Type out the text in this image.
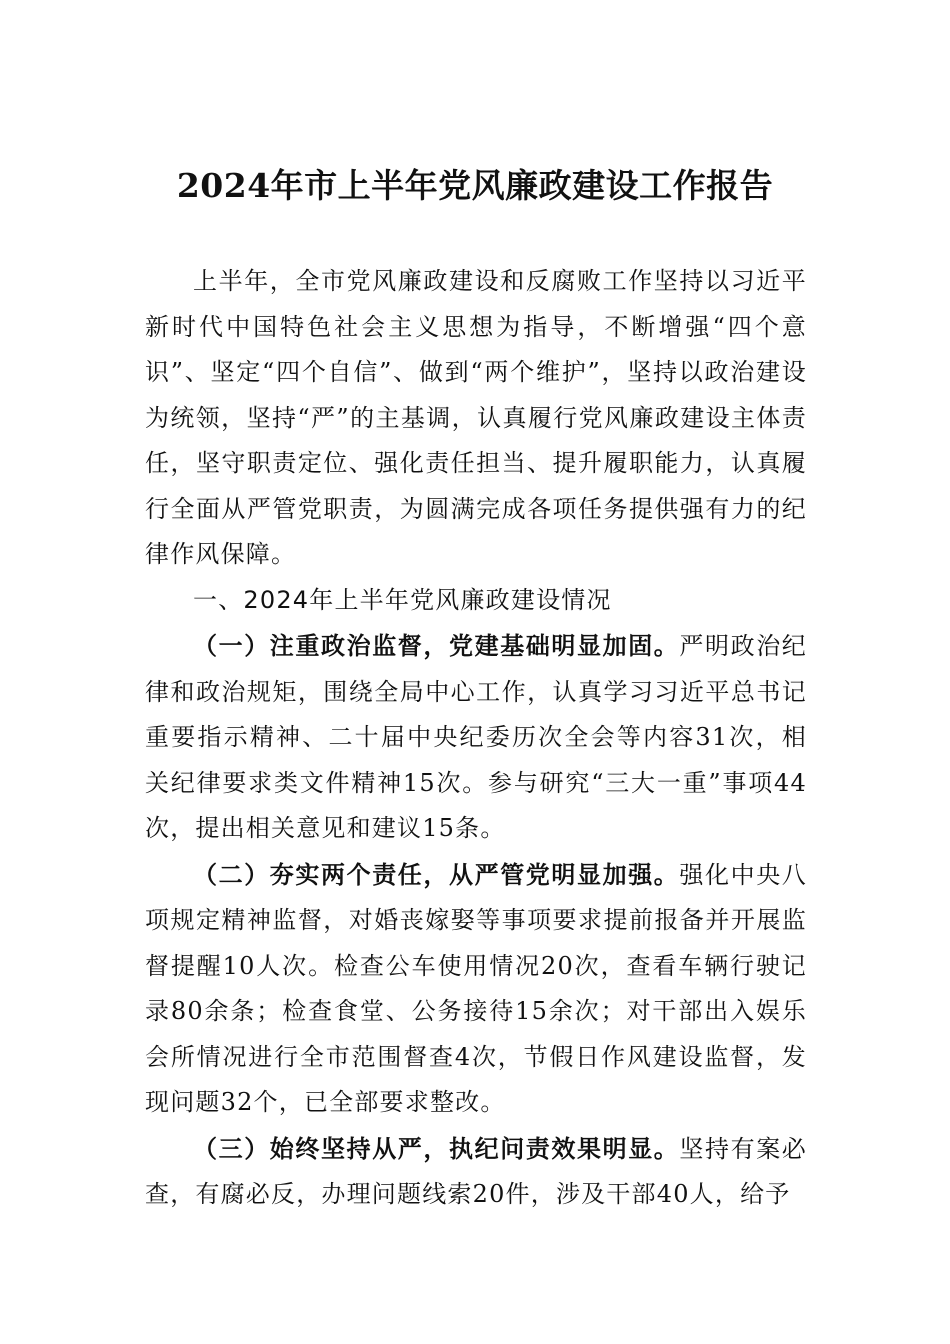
2024年市上半年党风廉政建设工作报告

上半年，全市党风廉政建设和反腐败工作坚持以习近平新时代中国特色社会主义思想为指导，不断增强“四个意识”、坚定“四个自信”、做到“两个维护”，坚持以政治建设为统领，坚持“严”的主基调，认真履行党风廉政建设主体责任，坚守职责定位、强化责任担当、提升履职能力，认真履行全面从严管党职责，为圆满完成各项任务提供强有力的纪律作风保障。

一、2024年上半年党风廉政建设情况

（一）注重政治监督，党建基础明显加固。严明政治纪律和政治规矩，围绕全局中心工作，认真学习习近平总书记重要指示精神、二十届中央纪委历次全会等内容31次，相关纪律要求类文件精神15次。参与研究“三大一重”事项44次，提出相关意见和建议15条。

（二）夯实两个责任，从严管党明显加强。强化中央八项规定精神监督，对婚丧嫁娶等事项要求提前报备并开展监督提醒10人次。检查公车使用情况20次，查看车辆行驶记录80余条；检查食堂、公务接待15余次；对干部出入娱乐会所情况进行全市范围督查4次，节假日作风建设监督，发现问题32个，已全部要求整改。

（三）始终坚持从严，执纪问责效果明显。坚持有案必查，有腐必反，办理问题线索20件，涉及干部40人，给予
